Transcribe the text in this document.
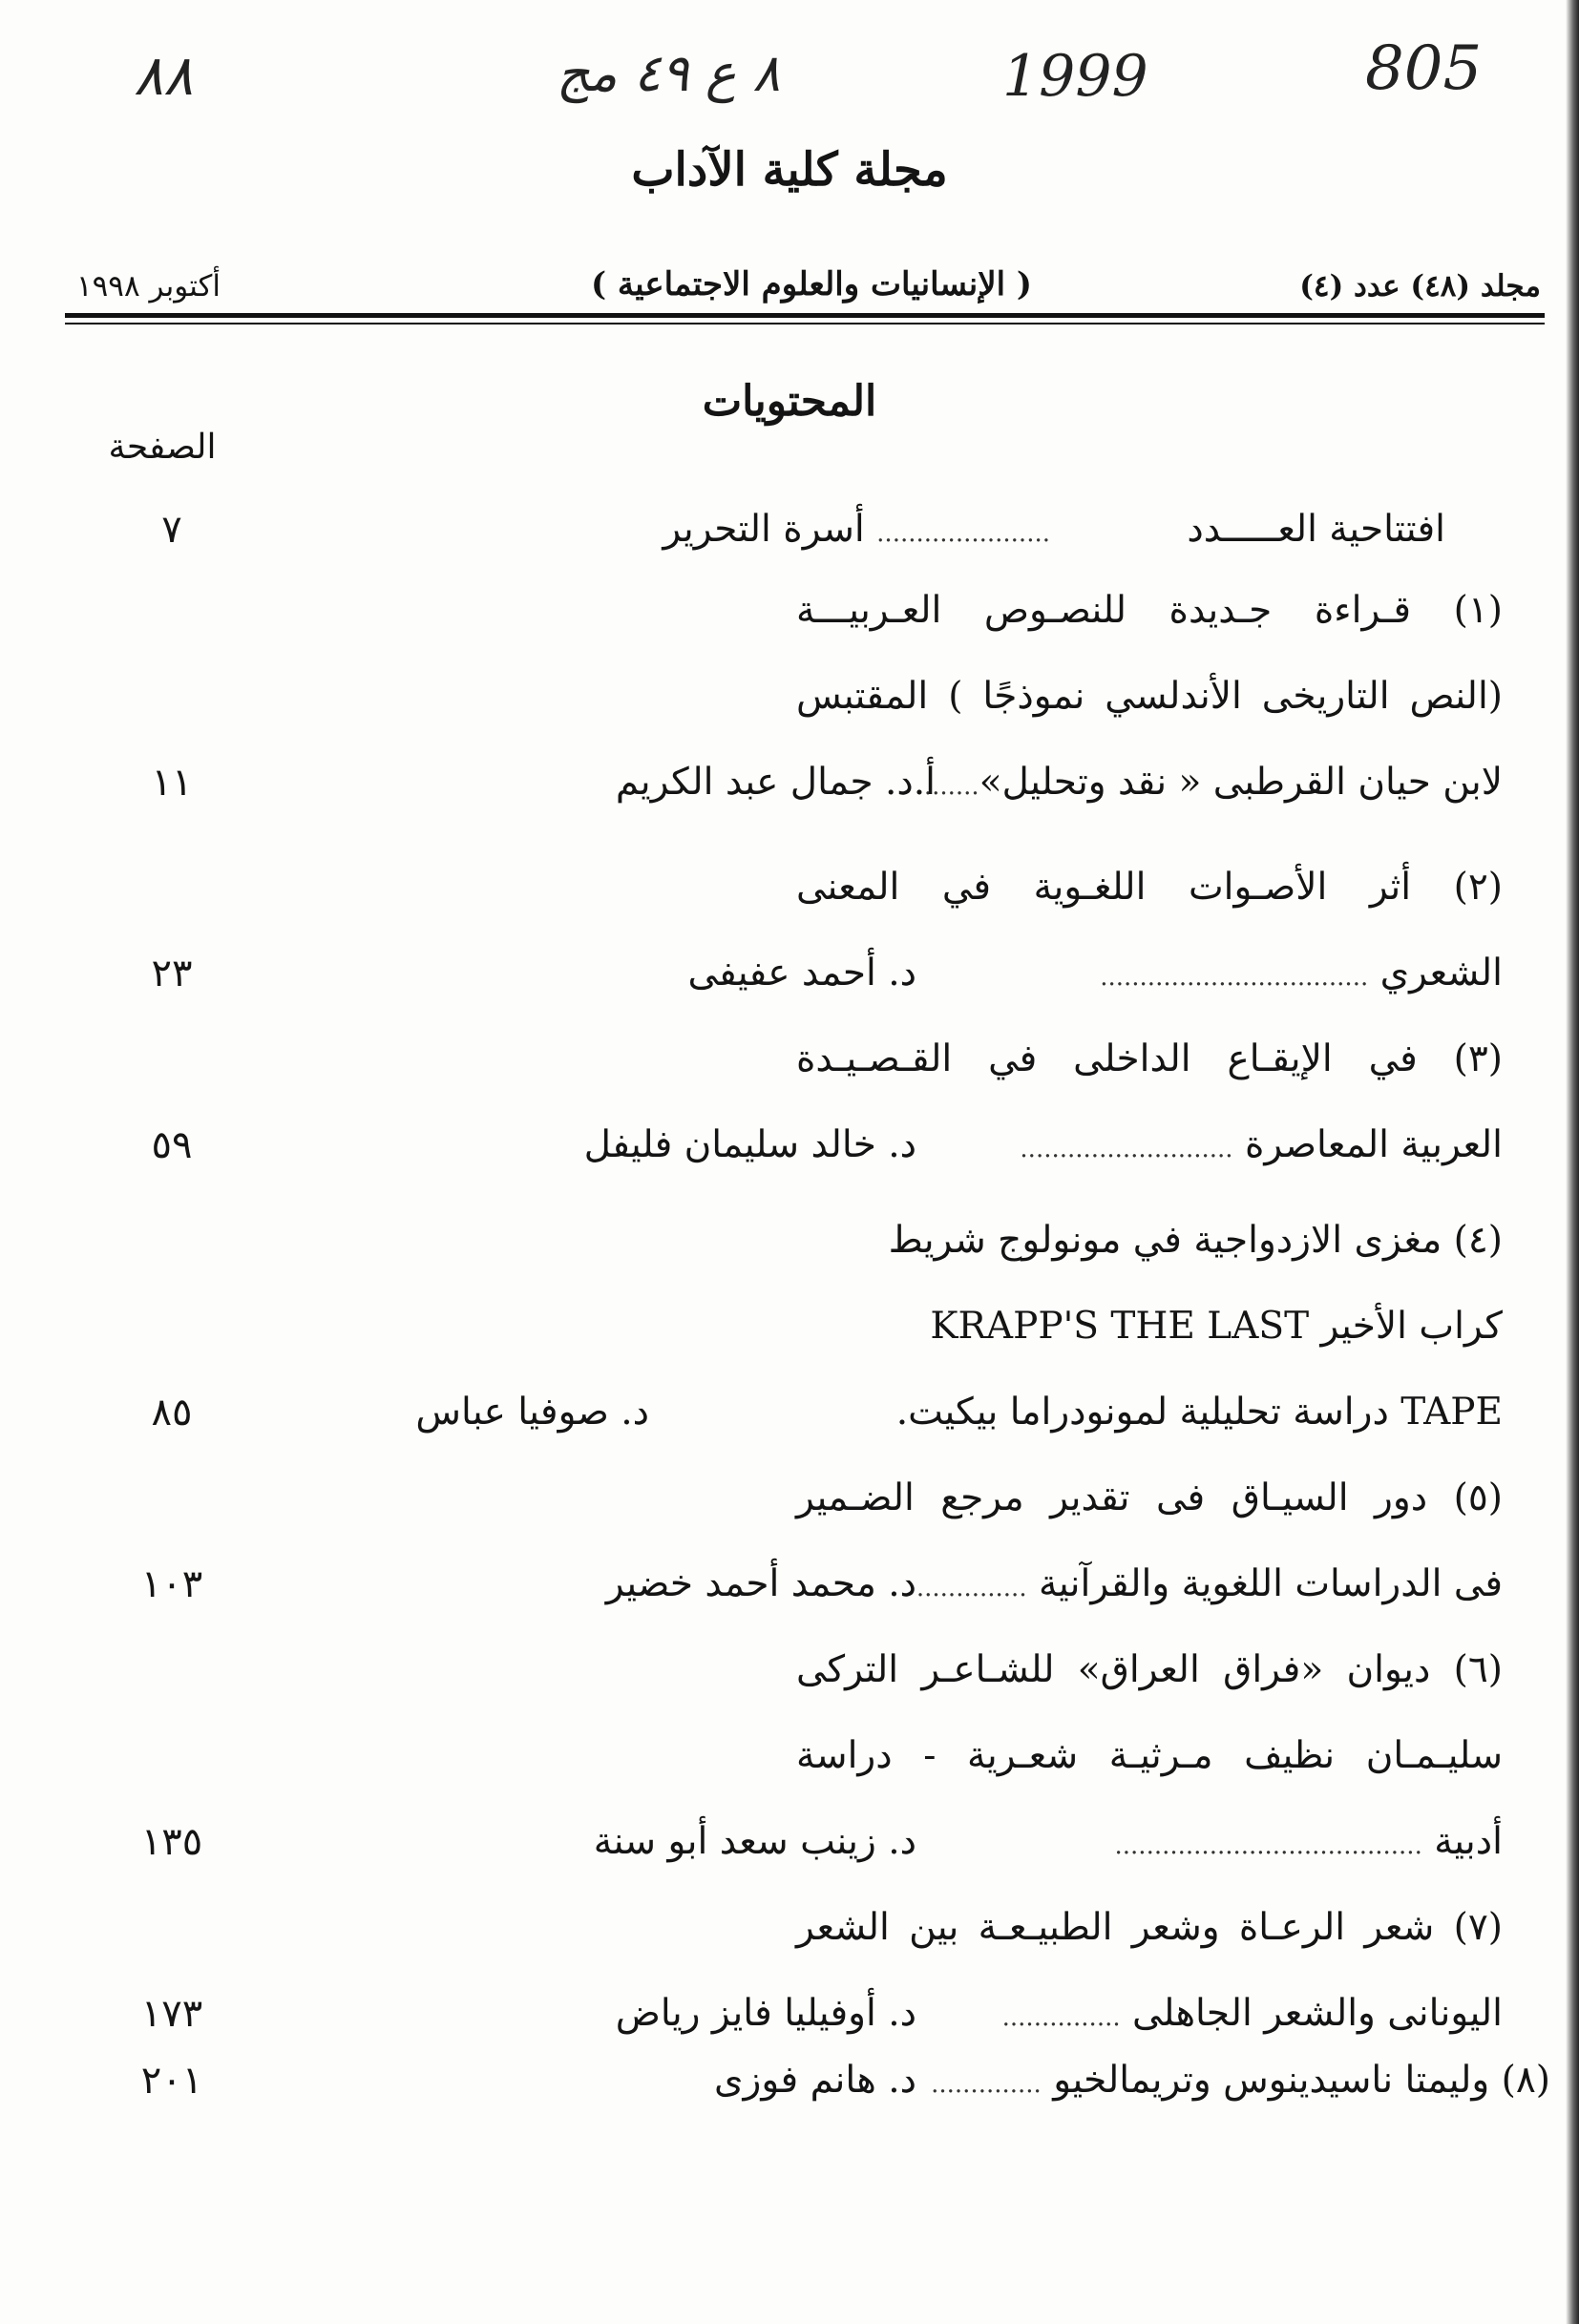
٨٨	٨ ع ٤٩ مج	1999	805
مجلة كلية الآداب
مجلد (٤٨) عدد (٤)
( الإنسانيات والعلوم الاجتماعية )
أكتوبر ١٩٩٨
المحتويات
الصفحة
افتتاحية العـــــدد
...................... أسرة التحرير
٧
(١) قـراءة جـديدة للنصـوص العـربيـــة
(النص التاريخى الأندلسي نموذجًا ) المقتبس
لابن حيان القرطبى « نقد وتحليل».......
أ.د. جمال عبد الكريم
١١
(٢) أثر الأصـوات اللغـوية في المعنى
الشعري ..................................
د. أحمد عفيفى
٢٣
(٣) في الإيقـاع الداخلى في القـصـيـدة
العربية المعاصرة ...........................
د. خالد سليمان فليفل
٥٩
(٤) مغزى الازدواجية في مونولوج شريط
كراب الأخير KRAPP'S THE LAST
TAPE دراسة تحليلية لمونودراما بيكيت.
د. صوفيا عباس
٨٥
(٥) دور السيـاق فى تقدير مرجع الضـمير
فى الدراسات اللغوية والقرآنية ..............
د. محمد أحمد خضير
١٠٣
(٦) ديوان «فراق العراق» للشـاعـر التركى
سليـمـان نظيف مـرثيـة شعـرية - دراسة
أدبية .......................................
د. زينب سعد أبو سنة
١٣٥
(٧) شعر الرعـاة وشعر الطبيـعـة بين الشعر
اليونانى والشعر الجاهلى ...............
د. أوفيليا فايز رياض
١٧٣
(٨) وليمتا ناسيدينوس وتريمالخيو ..............
د. هانم فوزى
٢٠١
